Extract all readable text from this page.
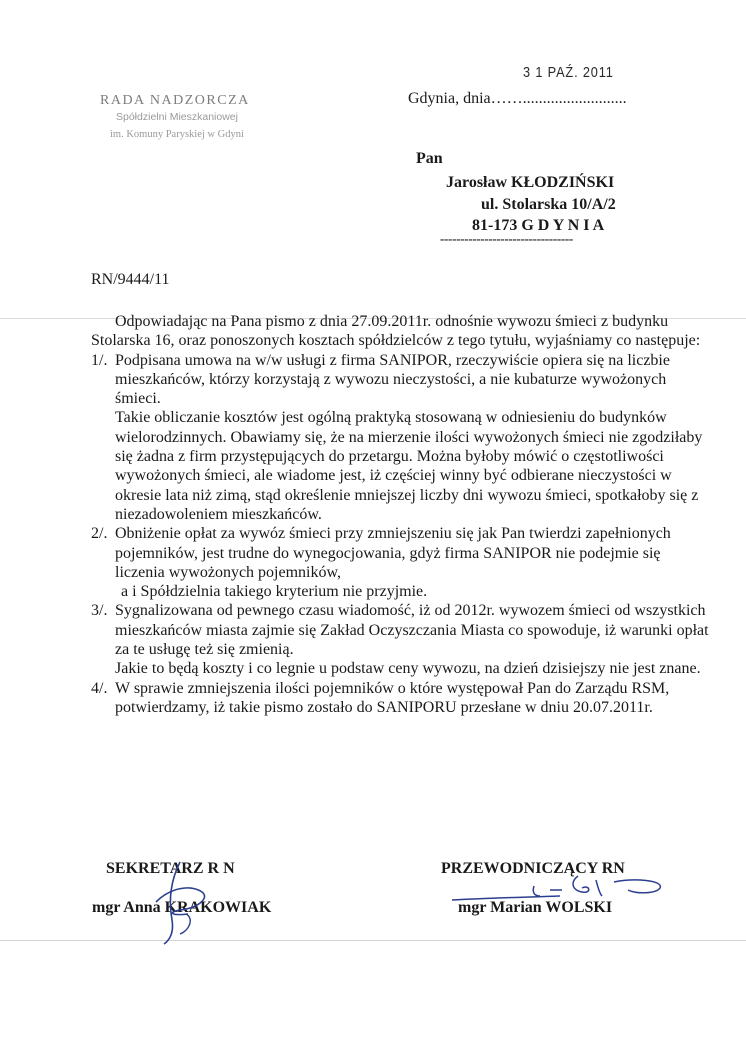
3 1 PAŹ. 2011
RADA NADZORCZA
Spółdzielni Mieszkaniowej
im. Komuny Paryskiej w Gdyni
Gdynia, dnia……..........................
Pan
Jarosław KŁODZIŃSKI
ul. Stolarska 10/A/2
81-173 G D Y N I A
---------------------------------
RN/9444/11

Odpowiadając na Pana pismo z dnia 27.09.2011r. odnośnie wywozu śmieci z budynku Stolarska 16, oraz ponoszonych kosztach spółdzielców z tego tytułu, wyjaśniamy co następuje:

1/. Podpisana umowa na w/w usługi z firma SANIPOR, rzeczywiście opiera się na liczbie mieszkańców, którzy korzystają z wywozu nieczystości, a nie kubaturze wywożonych śmieci.

Takie obliczanie kosztów jest ogólną praktyką stosowaną w odniesieniu do budynków wielorodzinnych. Obawiamy się, że na mierzenie ilości wywożonych śmieci nie zgodziłaby się żadna z firm przystępujących do przetargu. Można byłoby mówić o częstotliwości wywożonych śmieci, ale wiadome jest, iż częściej winny być odbierane nieczystości w okresie lata niż zimą, stąd określenie mniejszej liczby dni wywozu śmieci, spotkałoby się z niezadowoleniem mieszkańców.

2/. Obniżenie opłat za wywóz śmieci przy zmniejszeniu się jak Pan twierdzi zapełnionych pojemników, jest trudne do wynegocjowania, gdyż firma SANIPOR nie podejmie się liczenia wywożonych pojemników,

a i Spółdzielnia takiego kryterium nie przyjmie.

3/. Sygnalizowana od pewnego czasu wiadomość, iż od 2012r. wywozem śmieci od wszystkich mieszkańców miasta zajmie się Zakład Oczyszczania Miasta co spowoduje, iż warunki opłat za te usługę też się zmienią.

Jakie to będą koszty i co legnie u podstaw ceny wywozu, na dzień dzisiejszy nie jest znane.

4/. W sprawie zmniejszenia ilości pojemników o które występował Pan do Zarządu RSM, potwierdzamy, iż takie pismo zostało do SANIPORU przesłane w dniu 20.07.2011r.

SEKRETARZ R N
mgr Anna KRAKOWIAK
PRZEWODNICZĄCY RN
mgr Marian WOLSKI
